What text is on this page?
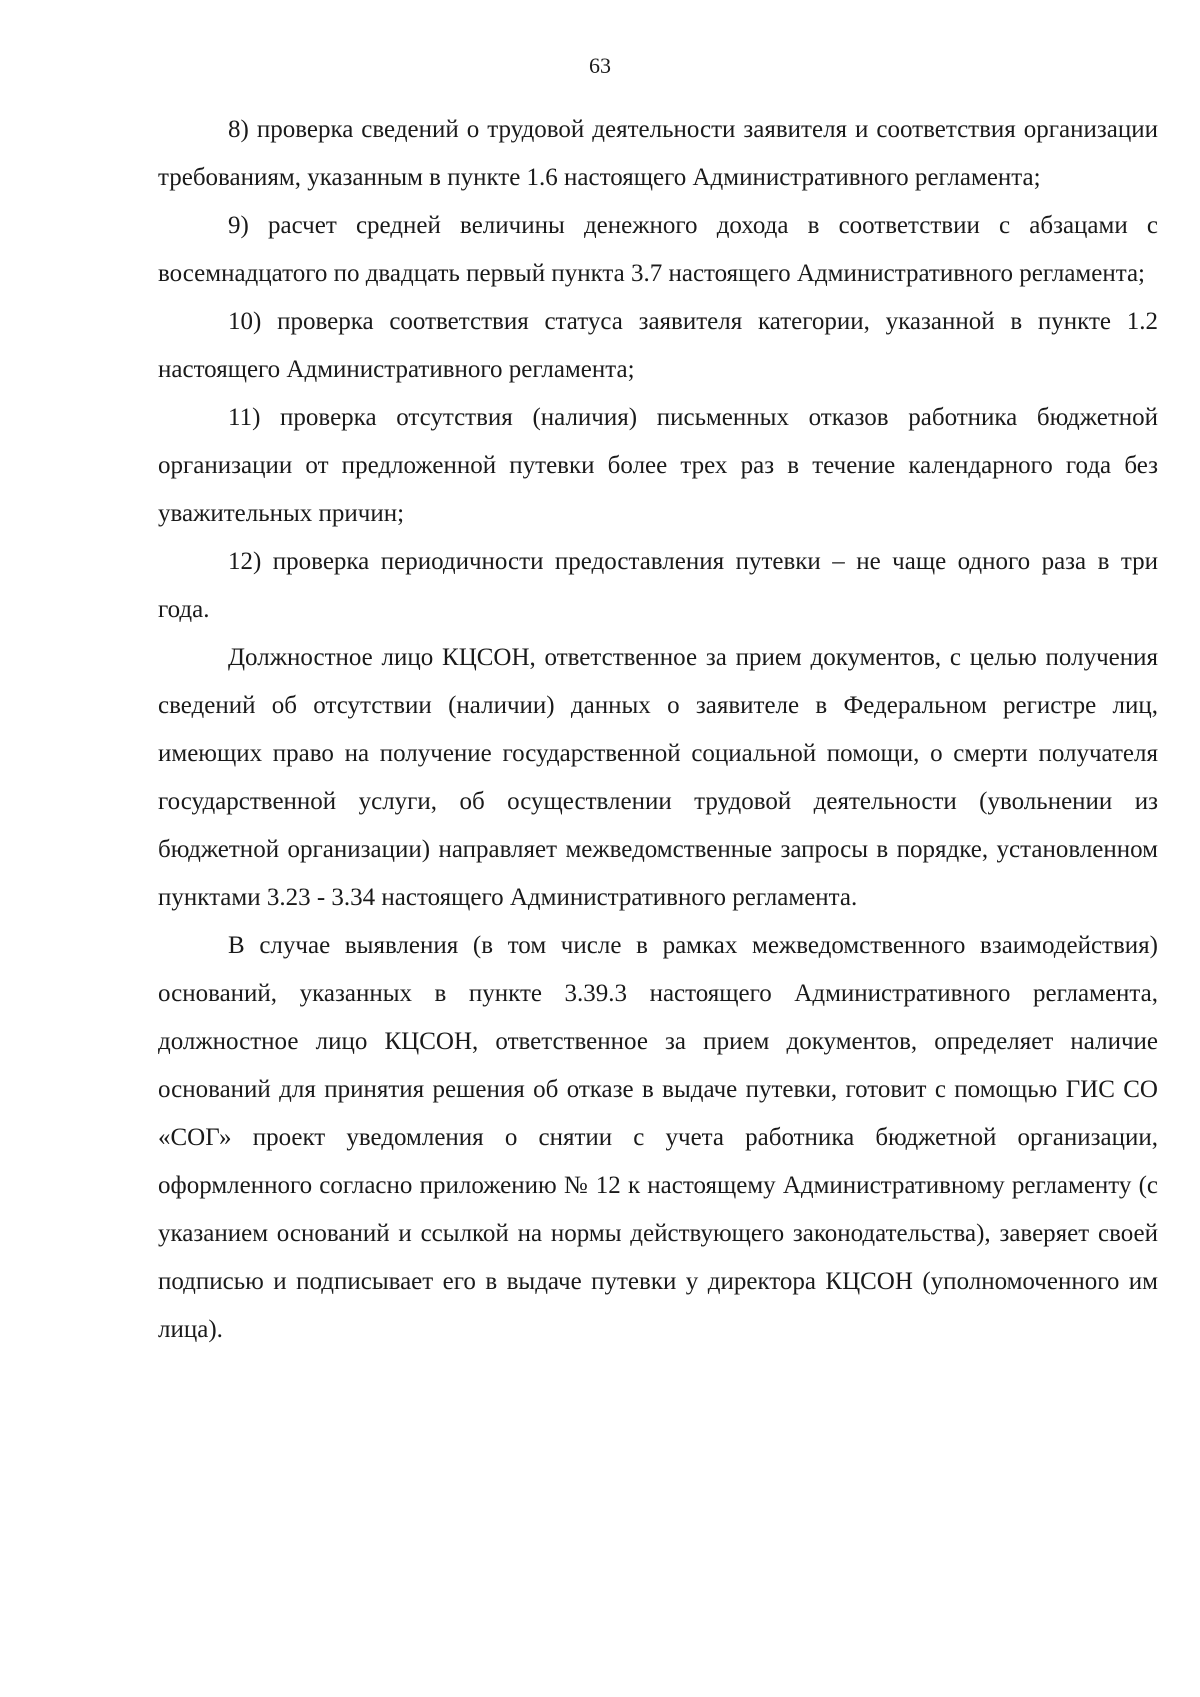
63

8) проверка сведений о трудовой деятельности заявителя и соответствия организации требованиям, указанным в пункте 1.6 настоящего Административного регламента;

9) расчет средней величины денежного дохода в соответствии с абзацами с восемнадцатого по двадцать первый пункта 3.7 настоящего Административного регламента;

10) проверка соответствия статуса заявителя категории, указанной в пункте 1.2 настоящего Административного регламента;

11) проверка отсутствия (наличия) письменных отказов работника бюджетной организации от предложенной путевки более трех раз в течение календарного года без уважительных причин;

12) проверка периодичности предоставления путевки – не чаще одного раза в три года.

Должностное лицо КЦСОН, ответственное за прием документов, с целью получения сведений об отсутствии (наличии) данных о заявителе в Федеральном регистре лиц, имеющих право на получение государственной социальной помощи, о смерти получателя государственной услуги, об осуществлении трудовой деятельности (увольнении из бюджетной организации) направляет межведомственные запросы в порядке, установленном пунктами 3.23 - 3.34 настоящего Административного регламента.

В случае выявления (в том числе в рамках межведомственного взаимодействия) оснований, указанных в пункте 3.39.3 настоящего Административного регламента, должностное лицо КЦСОН, ответственное за прием документов, определяет наличие оснований для принятия решения об отказе в выдаче путевки, готовит с помощью ГИС СО «СОГ» проект уведомления о снятии с учета работника бюджетной организации, оформленного согласно приложению № 12 к настоящему Административному регламенту (с указанием оснований и ссылкой на нормы действующего законодательства), заверяет своей подписью и подписывает его в выдаче путевки у директора КЦСОН (уполномоченного им лица).
